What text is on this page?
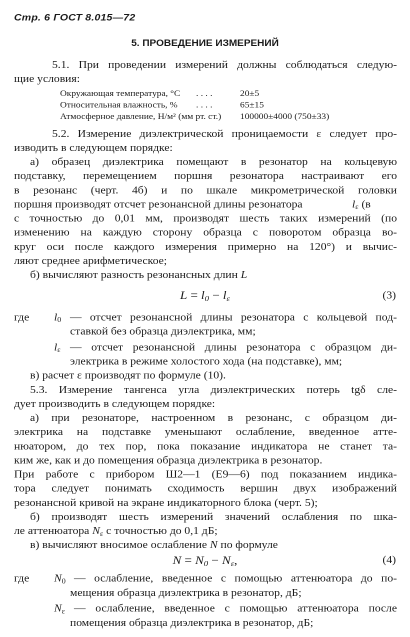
Стр. 6 ГОСТ 8.015—72
5. ПРОВЕДЕНИЕ ИЗМЕРЕНИЙ
5.1. При проведении измерений должны соблюдаться следую-
щие условия:
Окружающая температура, °С . . . .	20±5
Относительная влажность, % . . . .	65±15
Атмосферное давление, Н/м² (мм рт. ст.) 100000±4000 (750±33)
5.2. Измерение диэлектрической проницаемости ε следует про-
изводить в следующем порядке:
а) образец диэлектрика помещают в резонатор на кольцевую
подставку, перемещением поршня резонатора настраивают его
в резонанс (черт. 4б) и по шкале микрометрической головки
поршня производят отсчет резонансной длины резонатора	$l_\varepsilon$ (в
с точностью до 0,01 мм, производят шесть таких измерений (по
изменению на каждую сторону образца с поворотом образца во-
круг оси после каждого измерения примерно на 120°) и вычис-
ляют среднее арифметическое;
б) вычисляют разность резонансных длин L
$L = l_0 - l_\varepsilon$	(3)
где $l_0$ — отсчет резонансной длины резонатора с кольцевой под-
ставкой без образца диэлектрика, мм;
$l_\varepsilon$ — отсчет резонансной длины резонатора с образцом ди-
электрика в режиме холостого хода (на подставке), мм;
в) расчет ε производят по формуле (10).
5.3. Измерение тангенса угла диэлектрических потерь tgδ сле-
дует производить в следующем порядке:
а) при резонаторе, настроенном в резонанс, с образцом ди-
электрика на подставке уменьшают ослабление, введенное атте-
нюатором, до тех пор, пока показание индикатора не станет та-
ким же, как и до помещения образца диэлектрика в резонатор.
При работе с прибором Ш2—1 (Е9—6) под показанием индика-
тора следует понимать сходимость вершин двух изображений
резонансной кривой на экране индикаторного блока (черт. 5);
б) производят шесть измерений значений ослабления по шка-
ле аттенюатора $N_\varepsilon$ с точностью до 0,1 дБ;
в) вычисляют вносимое ослабление N по формуле
$N = N_0 - N_\varepsilon$,	(4)
где $N_0$ — ослабление, введенное с помощью аттенюатора до по-
мещения образца диэлектрика в резонатор, дБ;
$N_\varepsilon$ — ослабление, введенное с помощью аттенюатора после
помещения образца диэлектрика в резонатор, дБ;
